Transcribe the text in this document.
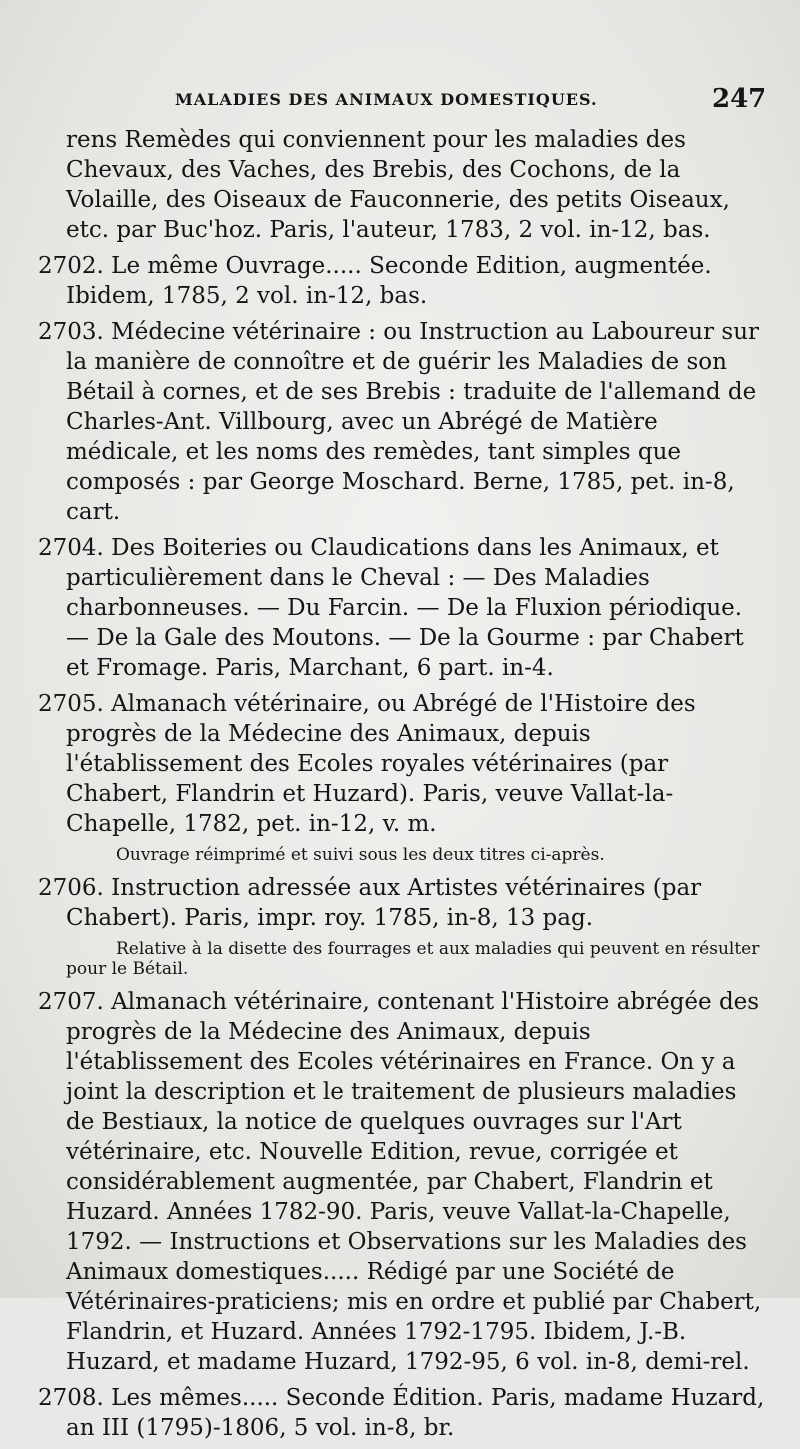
MALADIES DES ANIMAUX DOMESTIQUES.	247

rens Remèdes qui conviennent pour les maladies des Chevaux, des Vaches, des Brebis, des Cochons, de la Volaille, des Oiseaux de Fauconnerie, des petits Oiseaux, etc. par Buc'hoz. Paris, l'auteur, 1783, 2 vol. in-12, bas.

2702. Le même Ouvrage..... Seconde Edition, augmentée. Ibidem, 1785, 2 vol. in-12, bas.

2703. Médecine vétérinaire : ou Instruction au Laboureur sur la manière de connoître et de guérir les Maladies de son Bétail à cornes, et de ses Brebis : traduite de l'allemand de Charles-Ant. Villbourg, avec un Abrégé de Matière médicale, et les noms des remèdes, tant simples que composés : par George Moschard. Berne, 1785, pet. in-8, cart.

2704. Des Boiteries ou Claudications dans les Animaux, et particulièrement dans le Cheval : — Des Maladies charbonneuses. — Du Farcin. — De la Fluxion périodique. — De la Gale des Moutons. — De la Gourme : par Chabert et Fromage. Paris, Marchant, 6 part. in-4.

2705. Almanach vétérinaire, ou Abrégé de l'Histoire des progrès de la Médecine des Animaux, depuis l'établissement des Ecoles royales vétérinaires (par Chabert, Flandrin et Huzard). Paris, veuve Vallat-la-Chapelle, 1782, pet. in-12, v. m.

Ouvrage réimprimé et suivi sous les deux titres ci-après.

2706. Instruction adressée aux Artistes vétérinaires (par Chabert). Paris, impr. roy. 1785, in-8, 13 pag.

Relative à la disette des fourrages et aux maladies qui peuvent en résulter pour le Bétail.

2707. Almanach vétérinaire, contenant l'Histoire abrégée des progrès de la Médecine des Animaux, depuis l'établissement des Ecoles vétérinaires en France. On y a joint la description et le traitement de plusieurs maladies de Bestiaux, la notice de quelques ouvrages sur l'Art vétérinaire, etc. Nouvelle Edition, revue, corrigée et considérablement augmentée, par Chabert, Flandrin et Huzard. Années 1782-90. Paris, veuve Vallat-la-Chapelle, 1792. — Instructions et Observations sur les Maladies des Animaux domestiques..... Rédigé par une Société de Vétérinaires-praticiens; mis en ordre et publié par Chabert, Flandrin, et Huzard. Années 1792-1795. Ibidem, J.-B. Huzard, et madame Huzard, 1792-95, 6 vol. in-8, demi-rel.

2708. Les mêmes..... Seconde Édition. Paris, madame Huzard, an III (1795)-1806, 5 vol. in-8, br.
